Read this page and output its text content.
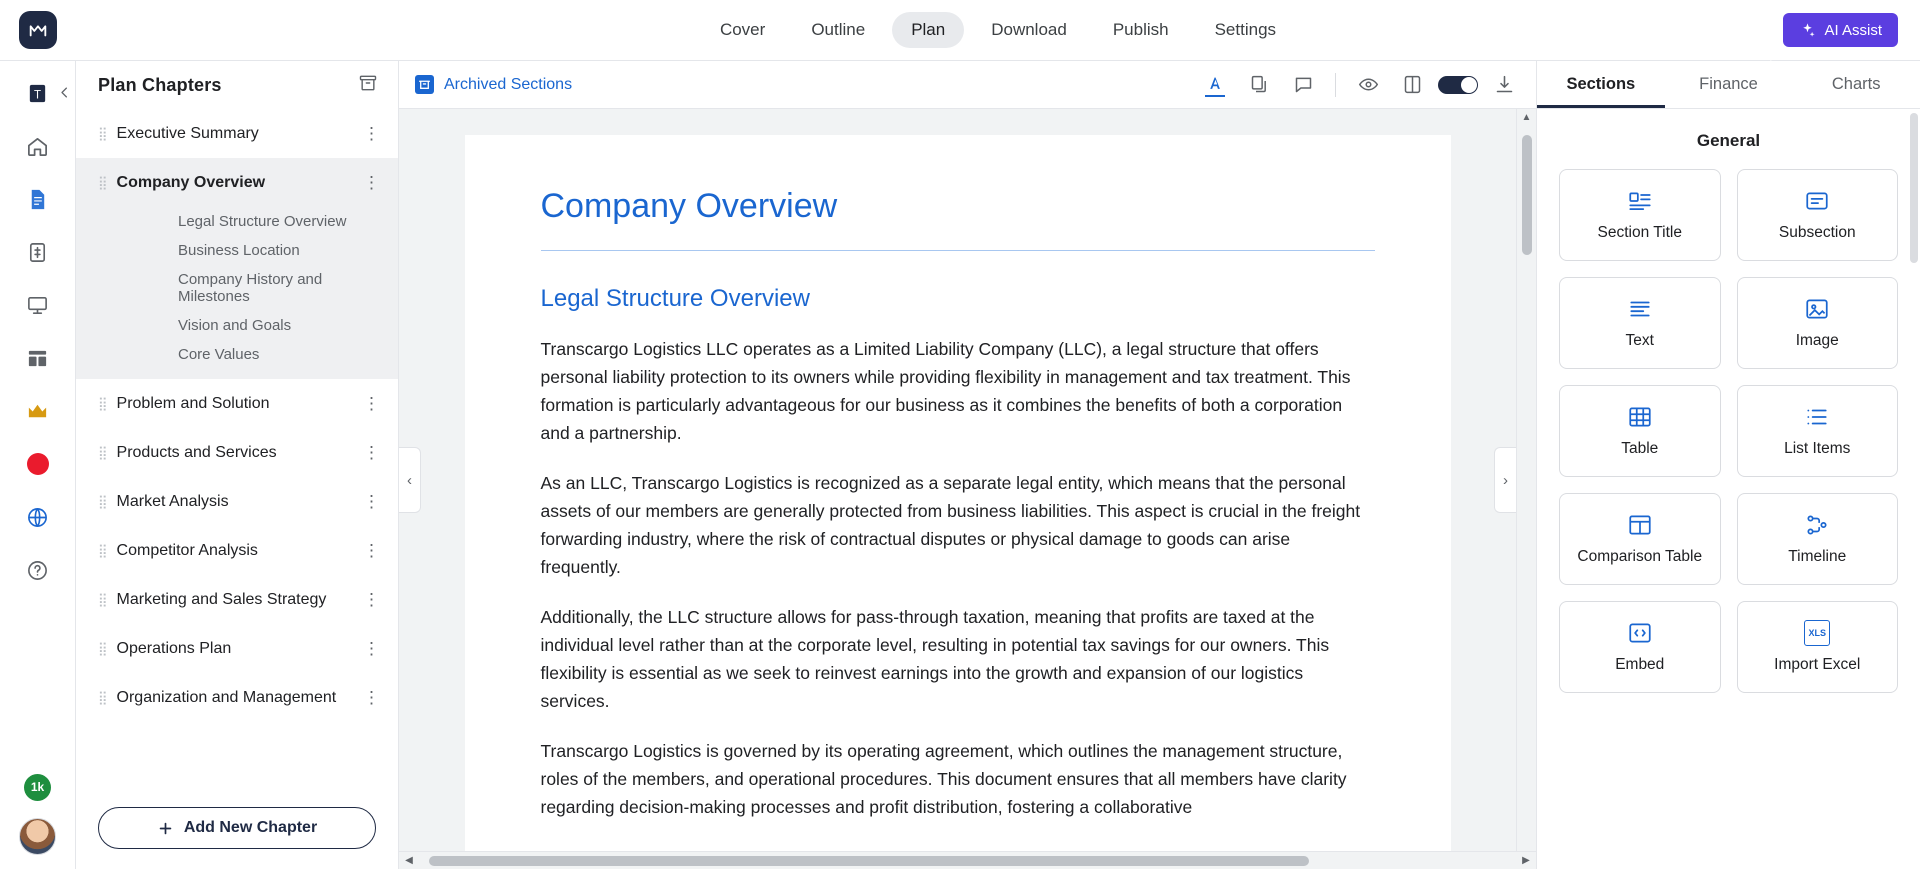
Cover	Outline	Plan	Download	Publish	Settings	AI Assist
T
1k
Plan Chapters
⣿ Executive Summary	⋮
⣿ Company Overview	⋮
Legal Structure Overview
Business Location
Company History and Milestones
Vision and Goals
Core Values
⣿ Problem and Solution	⋮
⣿ Products and Services	⋮
⣿ Market Analysis	⋮
⣿ Competitor Analysis	⋮
⣿ Marketing and Sales Strategy	⋮
⣿ Operations Plan	⋮
⣿ Organization and Management	⋮
Add New Chapter
Archived Sections
‹	›
Company Overview
Legal Structure Overview

Transcargo Logistics LLC operates as a Limited Liability Company (LLC), a legal structure that offers personal liability protection to its owners while providing flexibility in management and tax treatment. This formation is particularly advantageous for our business as it combines the benefits of both a corporation and a partnership.

As an LLC, Transcargo Logistics is recognized as a separate legal entity, which means that the personal assets of our members are generally protected from business liabilities. This aspect is crucial in the freight forwarding industry, where the risk of contractual disputes or physical damage to goods can arise frequently.

Additionally, the LLC structure allows for pass-through taxation, meaning that profits are taxed at the individual level rather than at the corporate level, resulting in potential tax savings for our owners. This flexibility is essential as we seek to reinvest earnings into the growth and expansion of our logistics services.

Transcargo Logistics is governed by its operating agreement, which outlines the management structure, roles of the members, and operational procedures. This document ensures that all members have clarity regarding decision-making processes and profit distribution, fostering a collaborative

▲
◀	▶
Sections	Finance	Charts
General
Section Title	Subsection
Text	Image
Table	List Items
Comparison Table	Timeline
Embed
XLS
Import Excel
